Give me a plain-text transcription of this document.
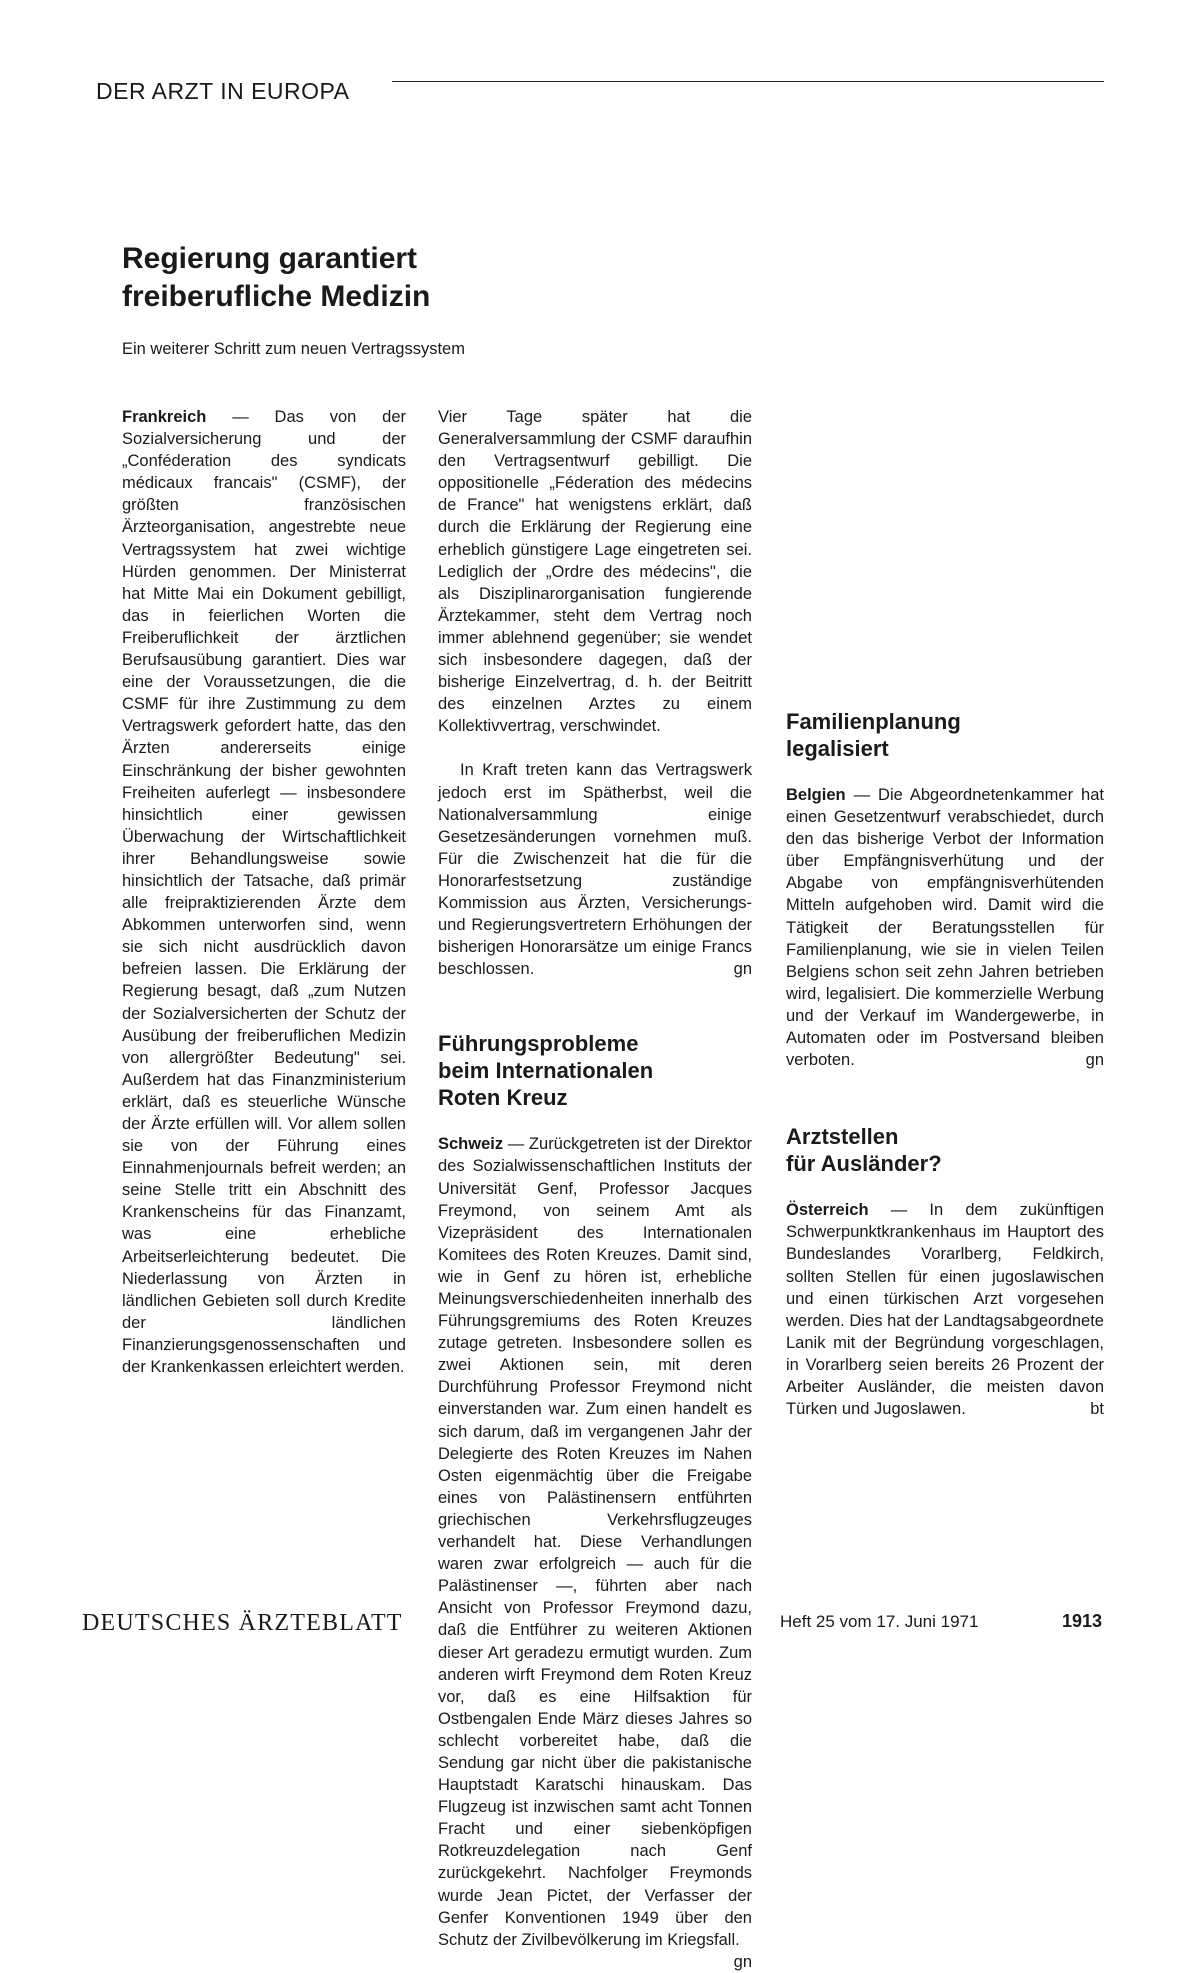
DER ARZT IN EUROPA
Regierung garantiert
freiberufliche Medizin
Ein weiterer Schritt zum neuen Vertragssystem

Frankreich — Das von der Sozialversicherung und der „Conféderation des syndicats médicaux francais" (CSMF), der größten französischen Ärzteorganisation, angestrebte neue Vertragssystem hat zwei wichtige Hürden genommen. Der Ministerrat hat Mitte Mai ein Dokument gebilligt, das in feierlichen Worten die Freiberuflichkeit der ärztlichen Berufsausübung garantiert. Dies war eine der Voraussetzungen, die die CSMF für ihre Zustimmung zu dem Vertragswerk gefordert hatte, das den Ärzten andererseits einige Einschränkung der bisher gewohnten Freiheiten auferlegt — insbesondere hinsichtlich einer gewissen Überwachung der Wirtschaftlichkeit ihrer Behandlungsweise sowie hinsichtlich der Tatsache, daß primär alle freipraktizierenden Ärzte dem Abkommen unterworfen sind, wenn sie sich nicht ausdrücklich davon befreien lassen. Die Erklärung der Regierung besagt, daß „zum Nutzen der Sozialversicherten der Schutz der Ausübung der freiberuflichen Medizin von allergrößter Bedeutung" sei. Außerdem hat das Finanzministerium erklärt, daß es steuerliche Wünsche der Ärzte erfüllen will. Vor allem sollen sie von der Führung eines Einnahmenjournals befreit werden; an seine Stelle tritt ein Abschnitt des Krankenscheins für das Finanzamt, was eine erhebliche Arbeitserleichterung bedeutet. Die Niederlassung von Ärzten in ländlichen Gebieten soll durch Kredite der ländlichen Finanzierungsgenossenschaften und der Krankenkassen erleichtert werden.

Vier Tage später hat die Generalversammlung der CSMF daraufhin den Vertragsentwurf gebilligt. Die oppositionelle „Féderation des médecins de France" hat wenigstens erklärt, daß durch die Erklärung der Regierung eine erheblich günstigere Lage eingetreten sei. Lediglich der „Ordre des médecins", die als Disziplinarorganisation fungierende Ärztekammer, steht dem Vertrag noch immer ablehnend gegenüber; sie wendet sich insbesondere dagegen, daß der bisherige Einzelvertrag, d. h. der Beitritt des einzelnen Arztes zu einem Kollektivvertrag, verschwindet.

In Kraft treten kann das Vertragswerk jedoch erst im Spätherbst, weil die Nationalversammlung einige Gesetzesänderungen vornehmen muß. Für die Zwischenzeit hat die für die Honorarfestsetzung zuständige Kommission aus Ärzten, Versicherungs- und Regierungsvertretern Erhöhungen der bisherigen Honorarsätze um einige Francs beschlossen.	gn

Führungsprobleme
beim Internationalen
Roten Kreuz

Schweiz — Zurückgetreten ist der Direktor des Sozialwissenschaftlichen Instituts der Universität Genf, Professor Jacques Freymond, von seinem Amt als Vizepräsident des Internationalen Komitees des Roten Kreuzes. Damit sind, wie in Genf zu hören ist, erhebliche Meinungsverschiedenheiten innerhalb des Führungsgremiums des Roten Kreuzes zutage getreten. Insbesondere sollen es zwei Aktionen sein, mit deren Durchführung Professor Freymond nicht einverstanden war. Zum einen handelt es sich darum, daß im vergangenen Jahr der Delegierte des Roten Kreuzes im Nahen Osten eigenmächtig über die Freigabe eines von Palästinensern entführten griechischen Verkehrsflugzeuges verhandelt hat. Diese Verhandlungen waren zwar erfolgreich — auch für die Palästinenser —, führten aber nach Ansicht von Professor Freymond dazu, daß die Entführer zu weiteren Aktionen dieser Art geradezu ermutigt wurden. Zum anderen wirft Freymond dem Roten Kreuz vor, daß es eine Hilfsaktion für Ostbengalen Ende März dieses Jahres so schlecht vorbereitet habe, daß die Sendung gar nicht über die pakistanische Hauptstadt Karatschi hinauskam. Das Flugzeug ist inzwischen samt acht Tonnen Fracht und einer siebenköpfigen Rotkreuzdelegation nach Genf zurückgekehrt. Nachfolger Freymonds wurde Jean Pictet, der Verfasser der Genfer Konventionen 1949 über den Schutz der Zivilbevölkerung im Kriegsfall.
gn

Familienplanung
legalisiert

Belgien — Die Abgeordnetenkammer hat einen Gesetzentwurf verabschiedet, durch den das bisherige Verbot der Information über Empfängnisverhütung und der Abgabe von empfängnisverhütenden Mitteln aufgehoben wird. Damit wird die Tätigkeit der Beratungsstellen für Familienplanung, wie sie in vielen Teilen Belgiens schon seit zehn Jahren betrieben wird, legalisiert. Die kommerzielle Werbung und der Verkauf im Wandergewerbe, in Automaten oder im Postversand bleiben verboten.	gn

Arztstellen
für Ausländer?

Österreich — In dem zukünftigen Schwerpunktkrankenhaus im Hauptort des Bundeslandes Vorarlberg, Feldkirch, sollten Stellen für einen jugoslawischen und einen türkischen Arzt vorgesehen werden. Dies hat der Landtagsabgeordnete Lanik mit der Begründung vorgeschlagen, in Vorarlberg seien bereits 26 Prozent der Arbeiter Ausländer, die meisten davon Türken und Jugoslawen.	bt

DEUTSCHES ÄRZTEBLATT	Heft 25 vom 17. Juni 1971	1913
